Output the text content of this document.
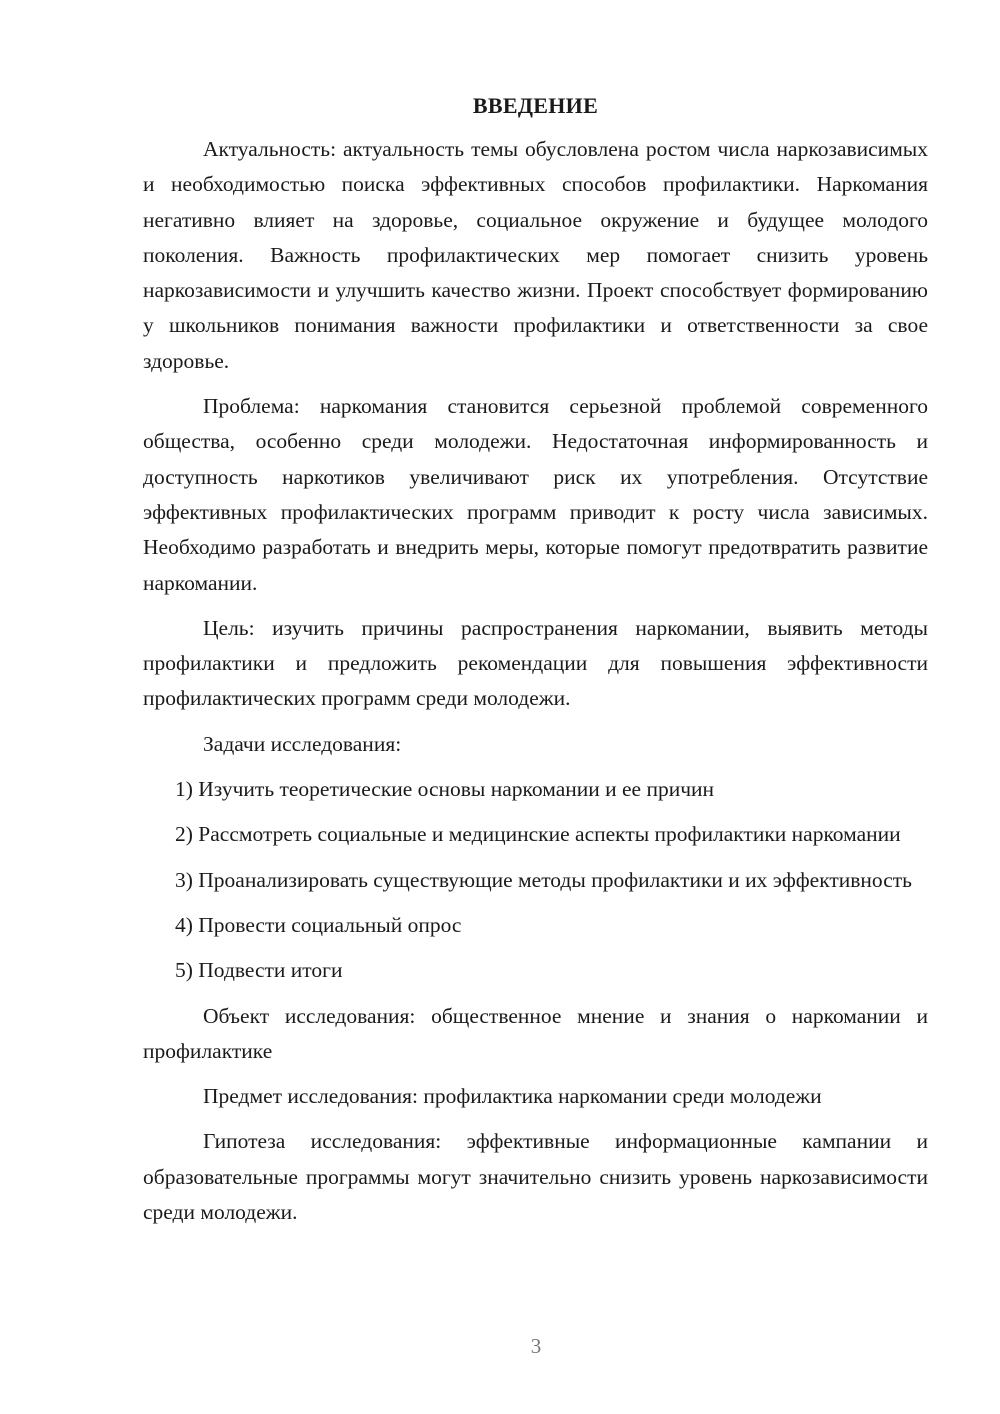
ВВЕДЕНИЕ

Актуальность: актуальность темы обусловлена ростом числа наркозависимых и необходимостью поиска эффективных способов профилактики. Наркомания негативно влияет на здоровье, социальное окружение и будущее молодого поколения. Важность профилактических мер помогает снизить уровень наркозависимости и улучшить качество жизни. Проект способствует формированию у школьников понимания важности профилактики и ответственности за свое здоровье.

Проблема: наркомания становится серьезной проблемой современного общества, особенно среди молодежи. Недостаточная информированность и доступность наркотиков увеличивают риск их употребления. Отсутствие эффективных профилактических программ приводит к росту числа зависимых. Необходимо разработать и внедрить меры, которые помогут предотвратить развитие наркомании.

Цель: изучить причины распространения наркомании, выявить методы профилактики и предложить рекомендации для повышения эффективности профилактических программ среди молодежи.

Задачи исследования:

1) Изучить теоретические основы наркомании и ее причин

2) Рассмотреть социальные и медицинские аспекты профилактики наркомании

3) Проанализировать существующие методы профилактики и их эффективность

4) Провести социальный опрос

5) Подвести итоги

Объект исследования: общественное мнение и знания о наркомании и профилактике

Предмет исследования: профилактика наркомании среди молодежи

Гипотеза исследования: эффективные информационные кампании и образовательные программы могут значительно снизить уровень наркозависимости среди молодежи.

3
